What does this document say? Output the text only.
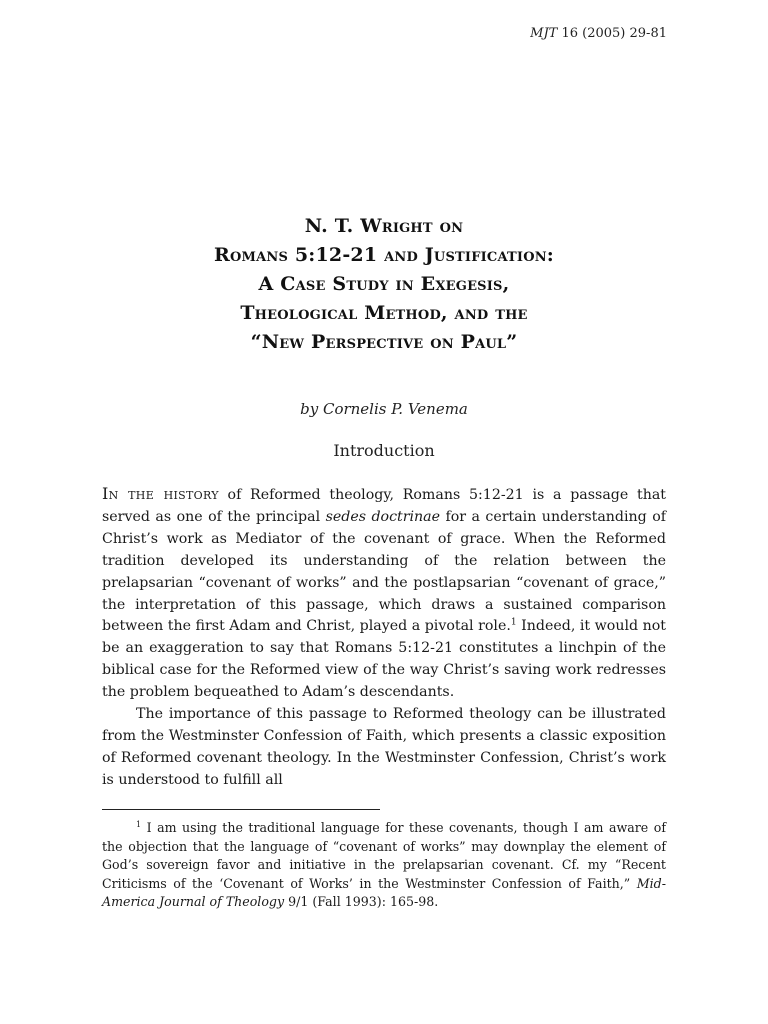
MJT 16 (2005) 29-81
N. T. Wright on
Romans 5:12-21 and Justification:
A Case Study in Exegesis,
Theological Method, and the
“New Perspective on Paul”
by Cornelis P. Venema
Introduction

In the history of Reformed theology, Romans 5:12-21 is a passage that served as one of the principal sedes doctrinae for a certain understanding of Christ’s work as Mediator of the covenant of grace. When the Reformed tradition developed its understanding of the relation between the prelapsarian “covenant of works” and the postlapsarian “covenant of grace,” the interpretation of this passage, which draws a sustained comparison between the first Adam and Christ, played a pivotal role.$^1$ Indeed, it would not be an exaggeration to say that Romans 5:12-21 constitutes a linchpin of the biblical case for the Reformed view of the way Christ’s saving work redresses the problem bequeathed to Adam’s descendants.

The importance of this passage to Reformed theology can be illustrated from the Westminster Confession of Faith, which presents a classic exposition of Reformed covenant theology. In the Westminster Confession, Christ’s work is understood to fulfill all

$^1$ I am using the traditional language for these covenants, though I am aware of the objection that the language of “covenant of works” may downplay the element of God’s sovereign favor and initiative in the prelapsarian covenant. Cf. my “Recent Criticisms of the ‘Covenant of Works’ in the Westminster Confession of Faith,” Mid-America Journal of Theology 9/1 (Fall 1993): 165-98.
